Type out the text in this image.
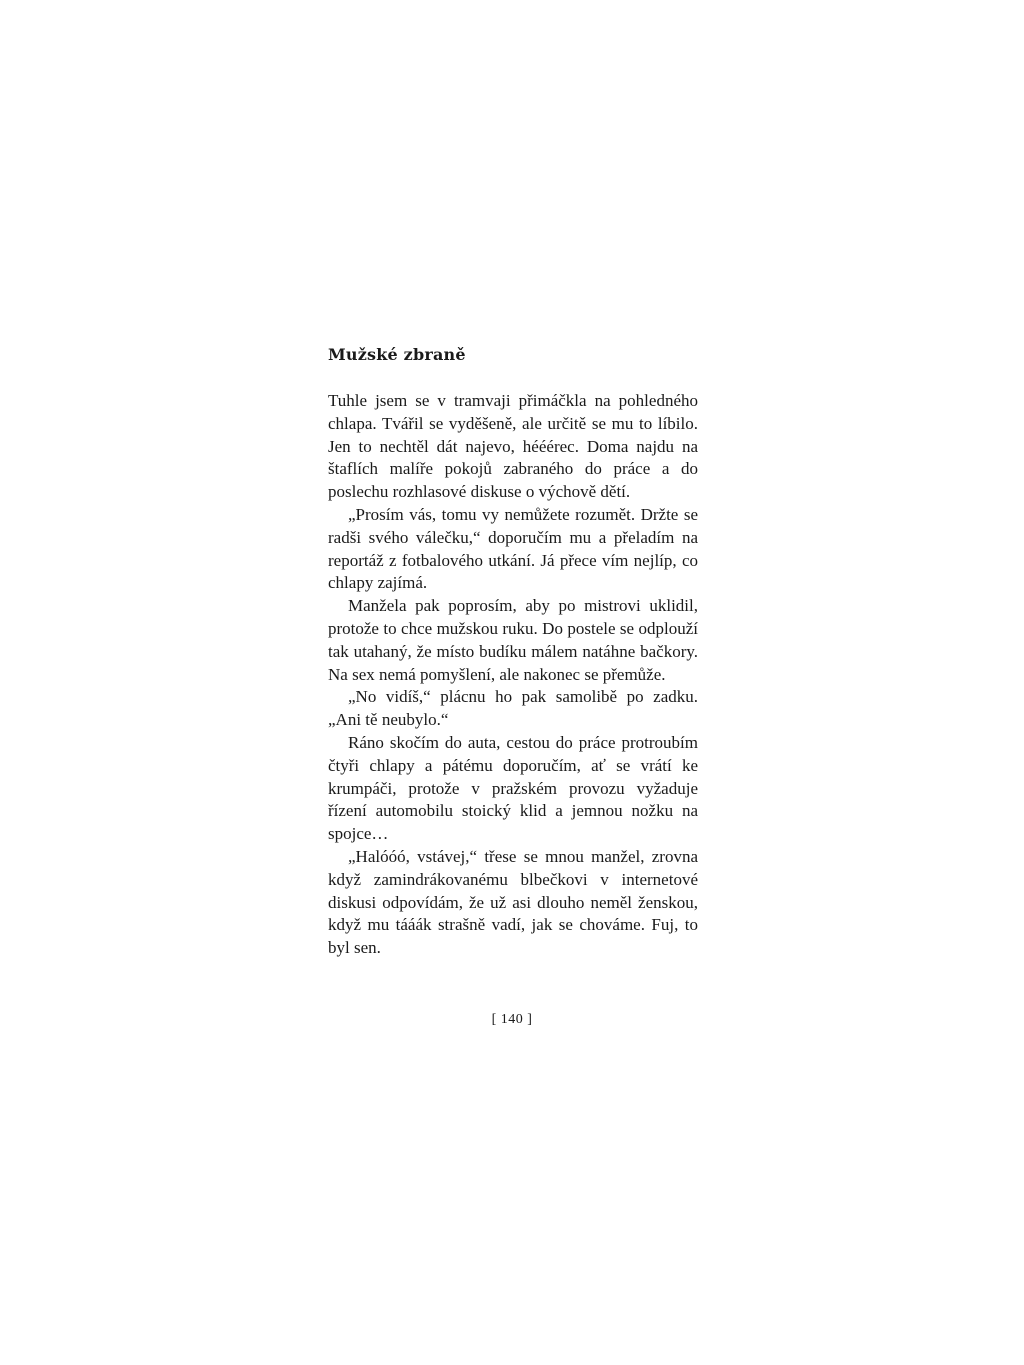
Mužské zbraně

Tuhle jsem se v tramvaji přimáčkla na pohledného chlapa. Tvářil se vyděšeně, ale určitě se mu to líbilo. Jen to nechtěl dát najevo, hééérec. Doma najdu na štaflích malíře pokojů zabraného do práce a do poslechu rozhlasové diskuse o výchově dětí.

„Prosím vás, tomu vy nemůžete rozumět. Držte se radši svého válečku,“ doporučím mu a přeladím na reportáž z fotbalového utkání. Já přece vím nejlíp, co chlapy zajímá.

Manžela pak poprosím, aby po mistrovi uklidil, protože to chce mužskou ruku. Do postele se odplouží tak utahaný, že místo budíku málem natáhne bačkory. Na sex nemá pomyšlení, ale nakonec se přemůže.

„No vidíš,“ plácnu ho pak samolibě po zadku. „Ani tě neubylo.“

Ráno skočím do auta, cestou do práce protroubím čtyři chlapy a pátému doporučím, ať se vrátí ke krumpáči, protože v pražském provozu vyžaduje řízení automobilu stoický klid a jemnou nožku na spojce…

„Halóóó, vstávej,“ třese se mnou manžel, zrovna když zamindrákovanému blbečkovi v internetové diskusi odpovídám, že už asi dlouho neměl ženskou, když mu tááák strašně vadí, jak se chováme. Fuj, to byl sen.

[ 140 ]
